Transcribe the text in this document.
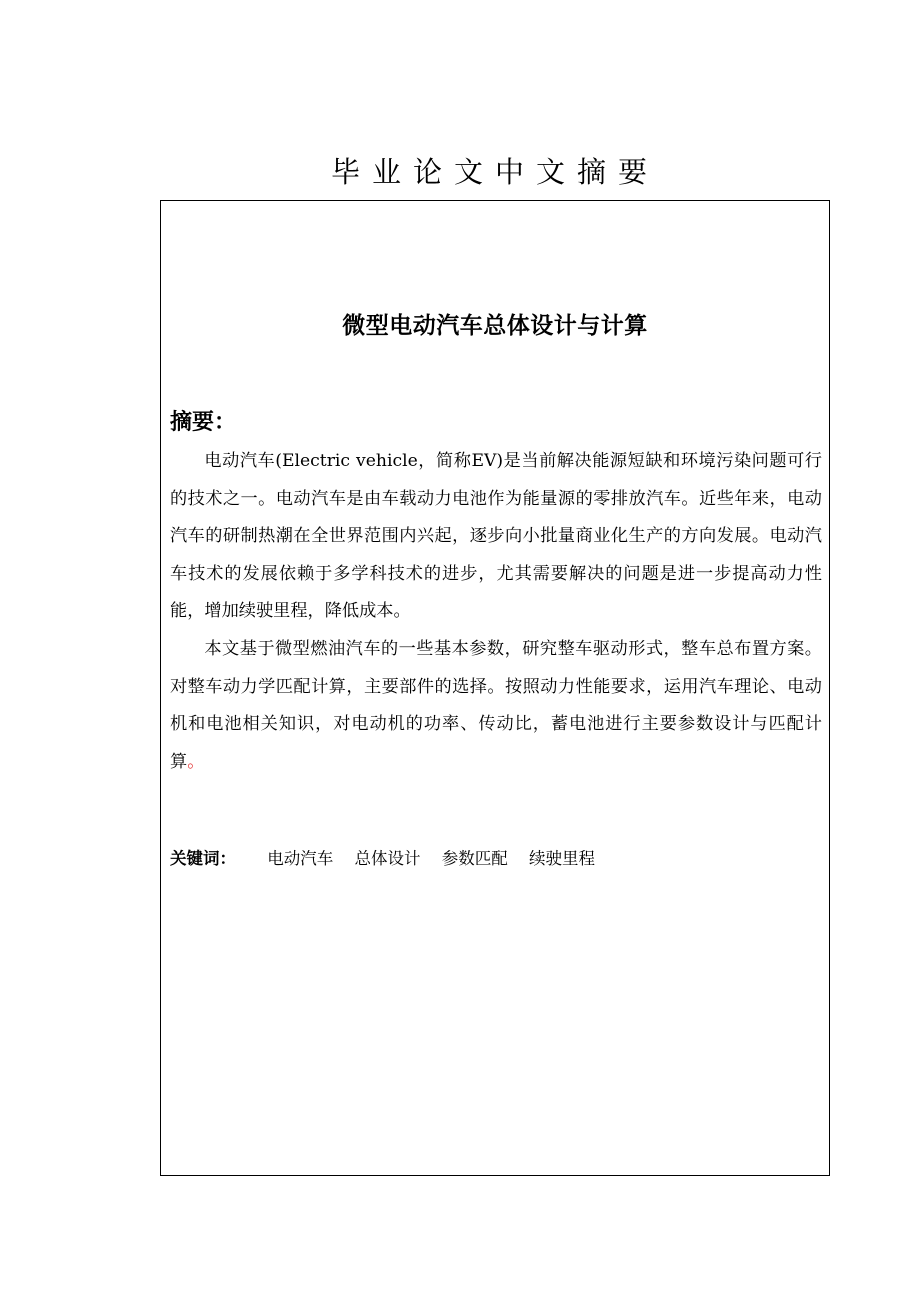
毕业论文中文摘要
微型电动汽车总体设计与计算
摘要：

电动汽车(Electric vehicle，简称EV)是当前解决能源短缺和环境污染问题可行的技术之一。电动汽车是由车载动力电池作为能量源的零排放汽车。近些年来，电动汽车的研制热潮在全世界范围内兴起，逐步向小批量商业化生产的方向发展。电动汽车技术的发展依赖于多学科技术的进步，尤其需要解决的问题是进一步提高动力性能，增加续驶里程，降低成本。

本文基于微型燃油汽车的一些基本参数，研究整车驱动形式，整车总布置方案。对整车动力学匹配计算，主要部件的选择。按照动力性能要求，运用汽车理论、电动机和电池相关知识，对电动机的功率、传动比，蓄电池进行主要参数设计与匹配计算。

关键词： 电动汽车 总体设计 参数匹配 续驶里程
